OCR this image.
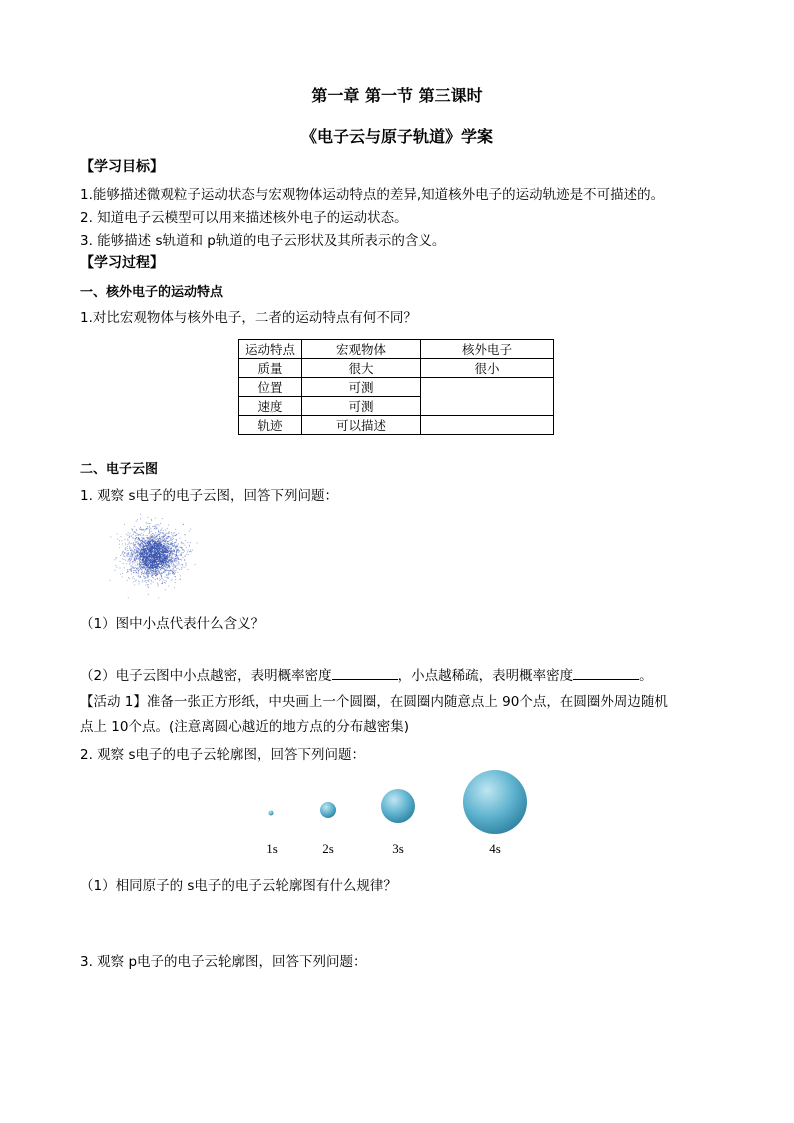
第一章 第一节 第三课时
《电子云与原子轨道》学案
【学习目标】
1.能够描述微观粒子运动状态与宏观物体运动特点的差异,知道核外电子的运动轨迹是不可描述的。
2. 知道电子云模型可以用来描述核外电子的运动状态。
3. 能够描述 s轨道和 p轨道的电子云形状及其所表示的含义。
【学习过程】
一、核外电子的运动特点
1.对比宏观物体与核外电子，二者的运动特点有何不同？
运动特点	宏观物体	核外电子
质量	很大	很小
位置	可测	
速度	可测	
轨迹	可以描述	
二、电子云图
1. 观察 s电子的电子云图，回答下列问题：
（1）图中小点代表什么含义？
（2）电子云图中小点越密，表明概率密度	，小点越稀疏，表明概率密度	。
【活动 1】准备一张正方形纸，中央画上一个圆圈，在圆圈内随意点上 90个点，在圆圈外周边随机
点上 10个点。(注意离圆心越近的地方点的分布越密集)
2. 观察 s电子的电子云轮廓图，回答下列问题：
1s	2s	3s	4s
（1）相同原子的 s电子的电子云轮廓图有什么规律？
3. 观察 p电子的电子云轮廓图，回答下列问题：
